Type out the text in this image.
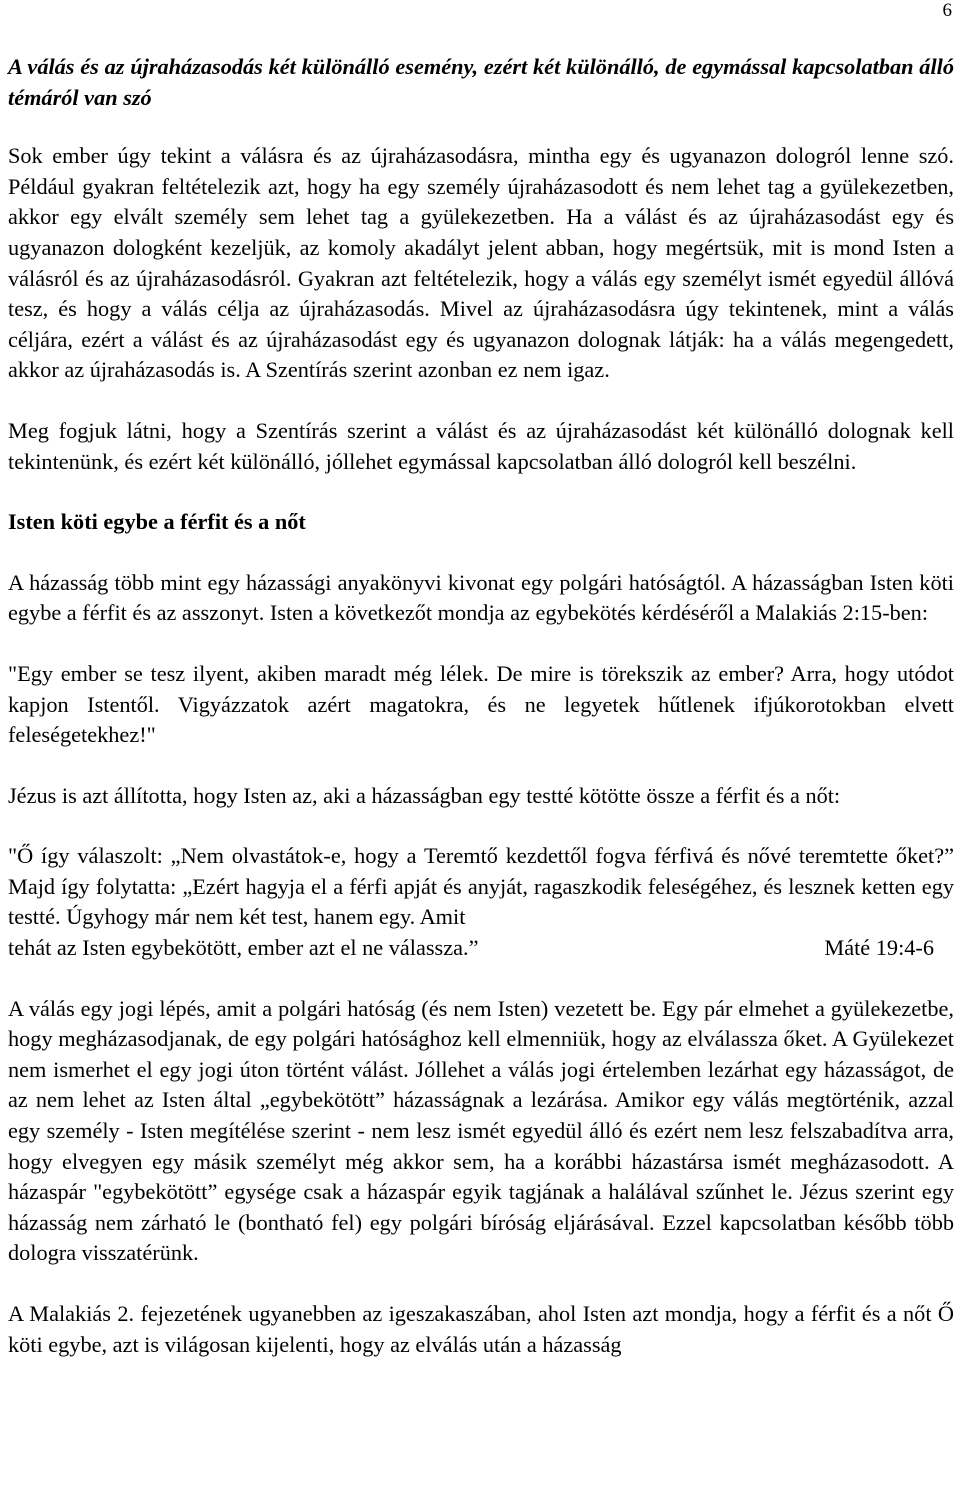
6

A válás és az újraházasodás két különálló esemény, ezért két különálló, de egymással kapcsolatban álló témáról van szó

Sok ember úgy tekint a válásra és az újraházasodásra, mintha egy és ugyanazon dologról lenne szó. Például gyakran feltételezik azt, hogy ha egy személy újraházasodott és nem lehet tag a gyülekezetben, akkor egy elvált személy sem lehet tag a gyülekezetben. Ha a válást és az újraházasodást egy és ugyanazon dologként kezeljük, az komoly akadályt jelent abban, hogy megértsük, mit is mond Isten a válásról és az újraházasodásról. Gyakran azt feltételezik, hogy a válás egy személyt ismét egyedül állóvá tesz, és hogy a válás célja az újraházasodás. Mivel az újraházasodásra úgy tekintenek, mint a válás céljára, ezért a válást és az újraházasodást egy és ugyanazon dolognak látják: ha a válás megengedett, akkor az újraházasodás is. A Szentírás szerint azonban ez nem igaz.

Meg fogjuk látni, hogy a Szentírás szerint a válást és az újraházasodást két különálló dolognak kell tekintenünk, és ezért két különálló, jóllehet egymással kapcsolatban álló dologról kell beszélni.

Isten köti egybe a férfit és a nőt

A házasság több mint egy házassági anyakönyvi kivonat egy polgári hatóságtól. A házasságban Isten köti egybe a férfit és az asszonyt. Isten a következőt mondja az egybekötés kérdéséről a Malakiás 2:15-ben:

"Egy ember se tesz ilyent, akiben maradt még lélek. De mire is törekszik az ember? Arra, hogy utódot kapjon Istentől. Vigyázzatok azért magatokra, és ne legyetek hűtlenek ifjúkorotokban elvett feleségetekhez!"

Jézus is azt állította, hogy Isten az, aki a házasságban egy testté kötötte össze a férfit és a nőt:

"Ő így válaszolt: „Nem olvastátok-e, hogy a Teremtő kezdettől fogva férfivá és nővé teremtette őket?” Majd így folytatta: „Ezért hagyja el a férfi apját és anyját, ragaszkodik feleségéhez, és lesznek ketten egy testté. Úgyhogy már nem két test, hanem egy. Amit

tehát az Isten egybekötött, ember azt el ne válassza.”	Máté 19:4-6

A válás egy jogi lépés, amit a polgári hatóság (és nem Isten) vezetett be. Egy pár elmehet a gyülekezetbe, hogy megházasodjanak, de egy polgári hatósághoz kell elmenniük, hogy az elválassza őket. A Gyülekezet nem ismerhet el egy jogi úton történt válást. Jóllehet a válás jogi értelemben lezárhat egy házasságot, de az nem lehet az Isten által „egybekötött” házasságnak a lezárása. Amikor egy válás megtörténik, azzal egy személy - Isten megítélése szerint - nem lesz ismét egyedül álló és ezért nem lesz felszabadítva arra, hogy elvegyen egy másik személyt még akkor sem, ha a korábbi házastársa ismét megházasodott. A házaspár "egybekötött” egysége csak a házaspár egyik tagjának a halálával szűnhet le. Jézus szerint egy házasság nem zárható le (bontható fel) egy polgári bíróság eljárásával. Ezzel kapcsolatban később több dologra visszatérünk.

A Malakiás 2. fejezetének ugyanebben az igeszakaszában, ahol Isten azt mondja, hogy a férfit és a nőt Ő köti egybe, azt is világosan kijelenti, hogy az elválás után a házasság
